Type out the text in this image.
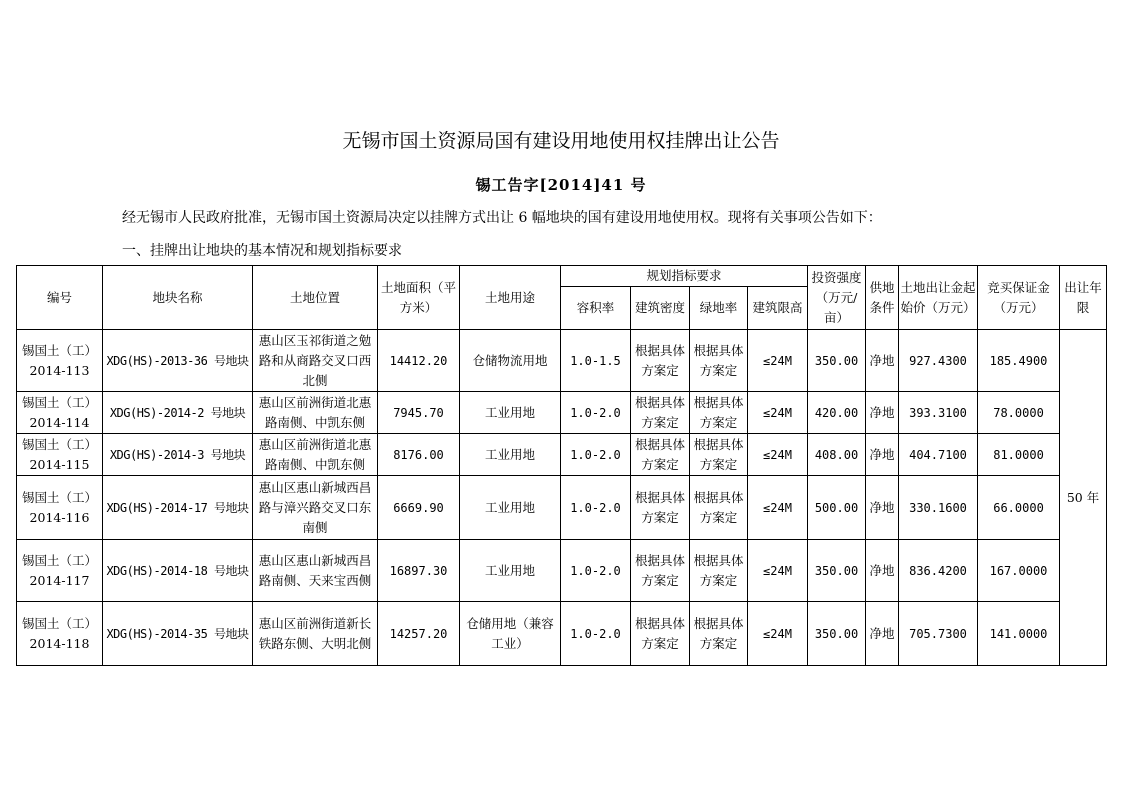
无锡市国土资源局国有建设用地使用权挂牌出让公告
锡工告字[2014]41 号
经无锡市人民政府批准，无锡市国土资源局决定以挂牌方式出让 6 幅地块的国有建设用地使用权。现将有关事项公告如下：
一、挂牌出让地块的基本情况和规划指标要求
编号	地块名称	土地位置	土地面积（平方米）	土地用途	规划指标要求				投资强度（万元/亩）	供地条件	土地出让金起始价（万元）	竞买保证金（万元）	出让年限
					容积率	建筑密度	绿地率	建筑限高					
锡国土（工）2014-113	XDG(HS)-2013-36 号地块	惠山区玉祁街道之勉路和从商路交叉口西北侧	14412.20	仓储物流用地	1.0-1.5	根据具体方案定	根据具体方案定	≤24M	350.00	净地	927.4300	185.4900	50 年
锡国土（工）2014-114	XDG(HS)-2014-2 号地块	惠山区前洲街道北惠路南侧、中凯东侧	7945.70	工业用地	1.0-2.0	根据具体方案定	根据具体方案定	≤24M	420.00	净地	393.3100	78.0000	
锡国土（工）2014-115	XDG(HS)-2014-3 号地块	惠山区前洲街道北惠路南侧、中凯东侧	8176.00	工业用地	1.0-2.0	根据具体方案定	根据具体方案定	≤24M	408.00	净地	404.7100	81.0000	
锡国土（工）2014-116	XDG(HS)-2014-17 号地块	惠山区惠山新城西昌路与漳兴路交叉口东南侧	6669.90	工业用地	1.0-2.0	根据具体方案定	根据具体方案定	≤24M	500.00	净地	330.1600	66.0000	
锡国土（工）2014-117	XDG(HS)-2014-18 号地块	惠山区惠山新城西昌路南侧、天来宝西侧	16897.30	工业用地	1.0-2.0	根据具体方案定	根据具体方案定	≤24M	350.00	净地	836.4200	167.0000	
锡国土（工）2014-118	XDG(HS)-2014-35 号地块	惠山区前洲街道新长铁路东侧、大明北侧	14257.20	仓储用地（兼容工业）	1.0-2.0	根据具体方案定	根据具体方案定	≤24M	350.00	净地	705.7300	141.0000	
